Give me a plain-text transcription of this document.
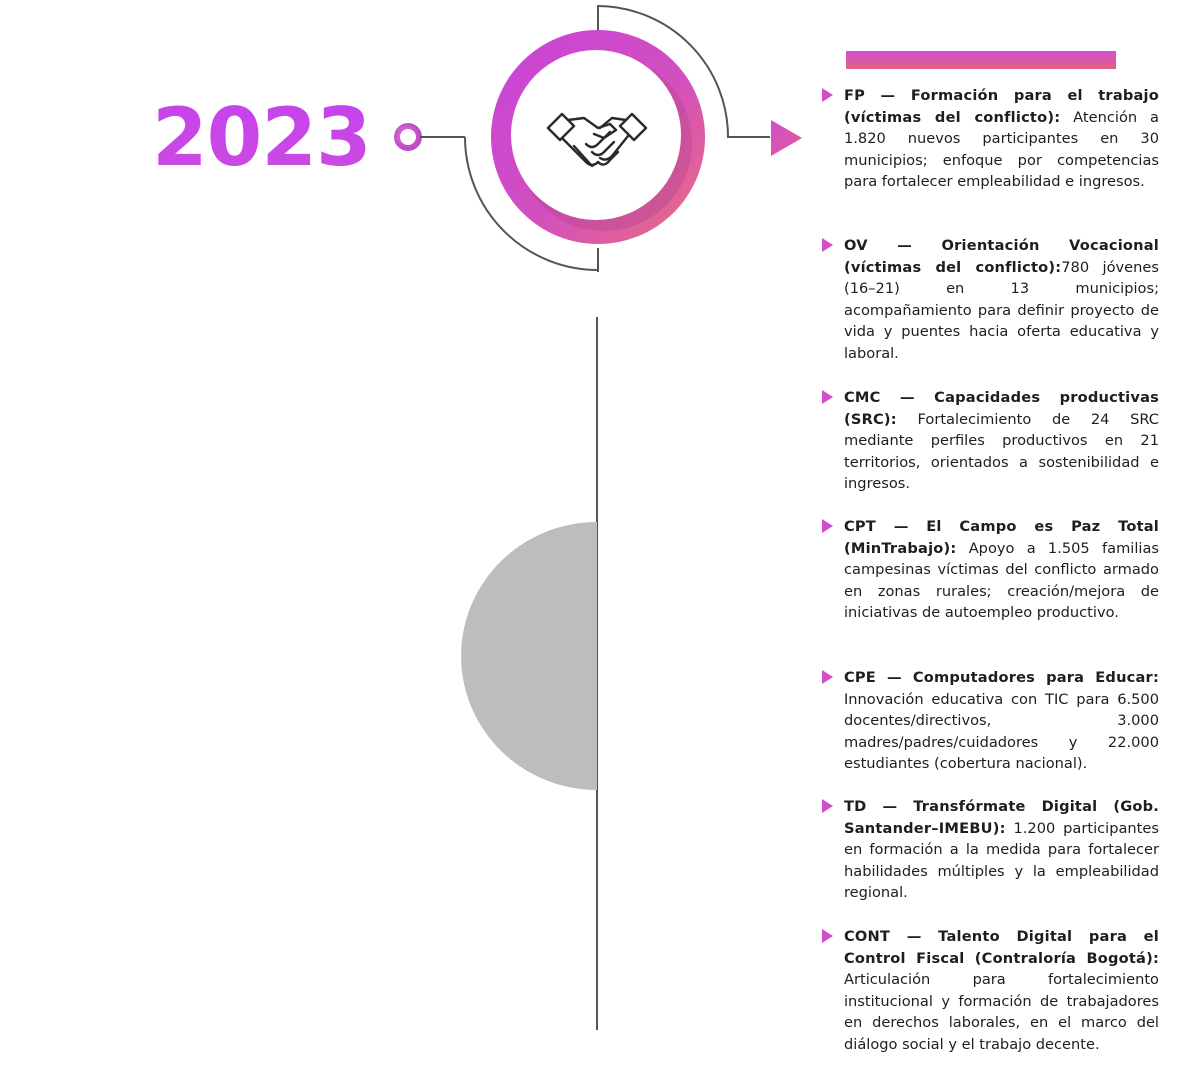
2023	FP — Formación para el trabajo (víctimas del conflicto): Atención a 1.820 nuevos participantes en 30 municipios; enfoque por competencias para fortalecer empleabilidad e ingresos.
OV — Orientación Vocacional (víctimas del conflicto):780 jóvenes (16–21) en 13 municipios; acompañamiento para definir proyecto de vida y puentes hacia oferta educativa y laboral.
CMC — Capacidades productivas (SRC): Fortalecimiento de 24 SRC mediante perfiles productivos en 21 territorios, orientados a sostenibilidad e ingresos.
CPT — El Campo es Paz Total (MinTrabajo): Apoyo a 1.505 familias campesinas víctimas del conflicto armado en zonas rurales; creación/mejora de iniciativas de autoempleo productivo.
CPE — Computadores para Educar: Innovación educativa con TIC para 6.500 docentes/directivos, 3.000 madres/padres/cuidadores y 22.000 estudiantes (cobertura nacional).
TD — Transfórmate Digital (Gob. Santander–IMEBU): 1.200 participantes en formación a la medida para fortalecer habilidades múltiples y la empleabilidad regional.
CONT — Talento Digital para el Control Fiscal (Contraloría Bogotá): Articulación para fortalecimiento institucional y formación de trabajadores en derechos laborales, en el marco del diálogo social y el trabajo decente.
